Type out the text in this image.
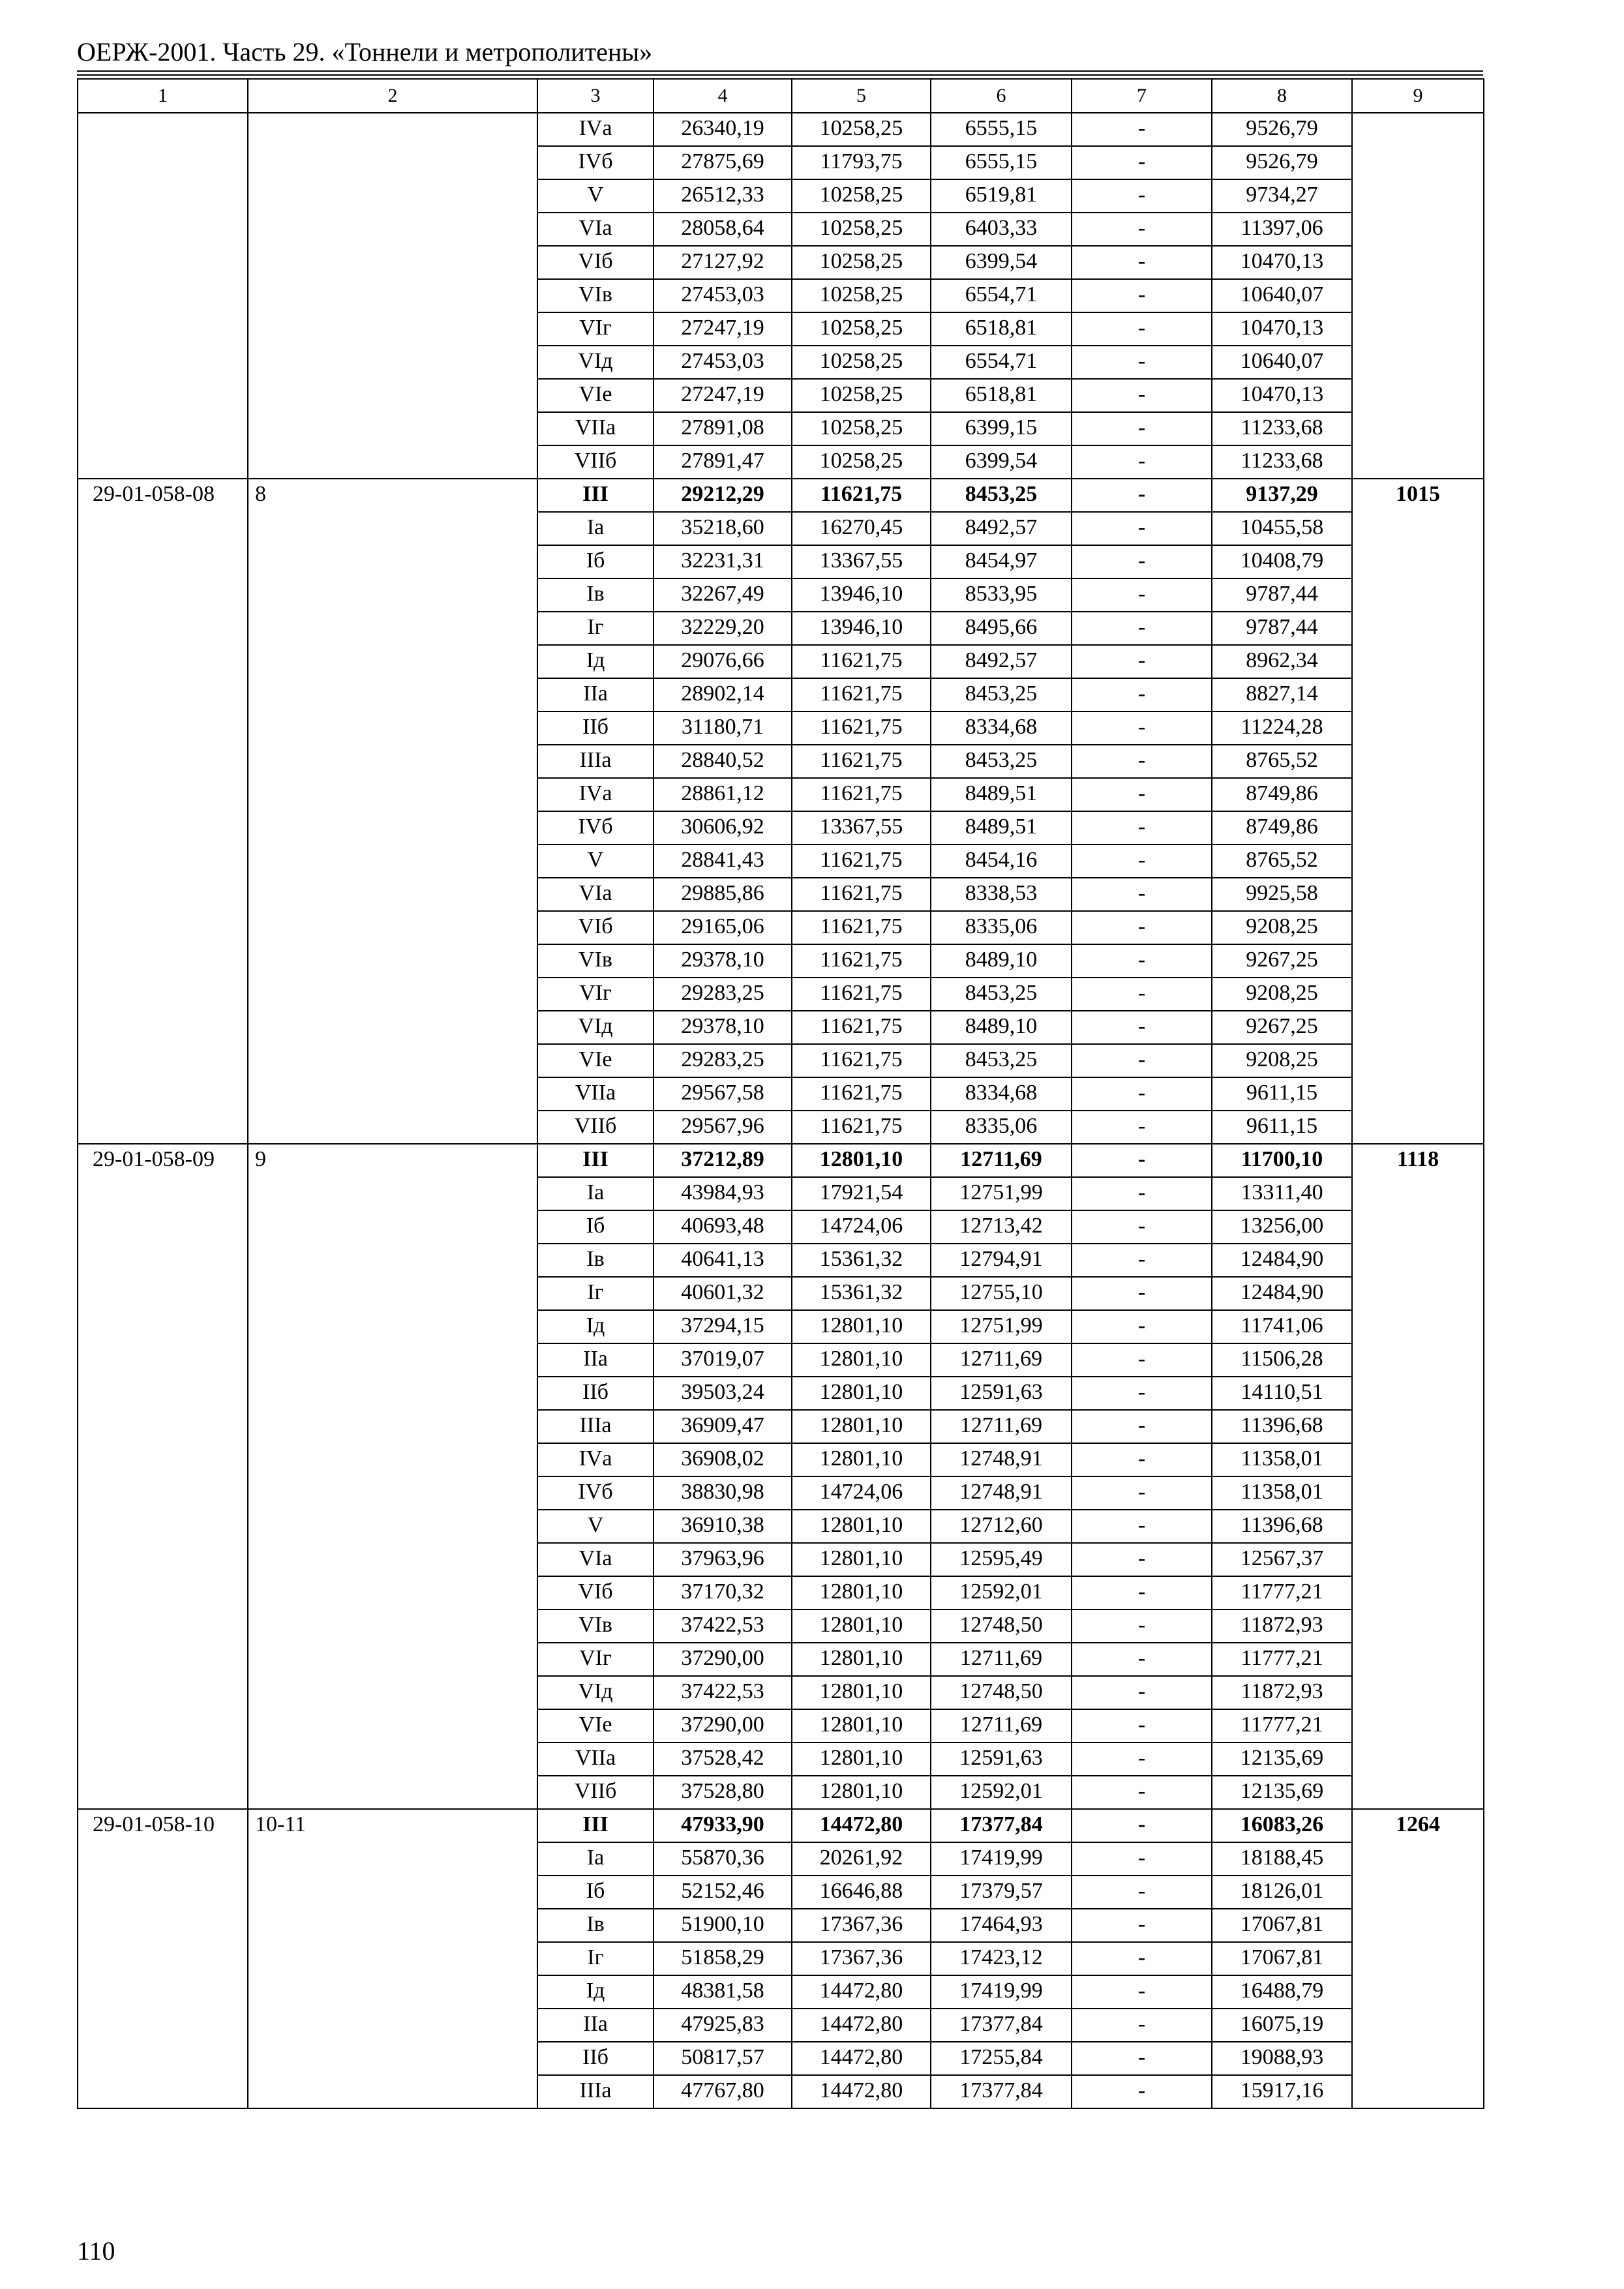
ОЕРЖ-2001. Часть 29. «Тоннели и метрополитены»
1	2	3	4	5	6	7	8	9
		IVа	26340,19	10258,25	6555,15	-	9526,79	
		IVб	27875,69	11793,75	6555,15	-	9526,79	
		V	26512,33	10258,25	6519,81	-	9734,27	
		VIа	28058,64	10258,25	6403,33	-	11397,06	
		VIб	27127,92	10258,25	6399,54	-	10470,13	
		VIв	27453,03	10258,25	6554,71	-	10640,07	
		VIг	27247,19	10258,25	6518,81	-	10470,13	
		VIд	27453,03	10258,25	6554,71	-	10640,07	
		VIе	27247,19	10258,25	6518,81	-	10470,13	
		VIIа	27891,08	10258,25	6399,15	-	11233,68	
		VIIб	27891,47	10258,25	6399,54	-	11233,68	
29-01-058-08	8	III	29212,29	11621,75	8453,25	-	9137,29	1015
		Iа	35218,60	16270,45	8492,57	-	10455,58	
		Iб	32231,31	13367,55	8454,97	-	10408,79	
		Iв	32267,49	13946,10	8533,95	-	9787,44	
		Iг	32229,20	13946,10	8495,66	-	9787,44	
		Iд	29076,66	11621,75	8492,57	-	8962,34	
		IIа	28902,14	11621,75	8453,25	-	8827,14	
		IIб	31180,71	11621,75	8334,68	-	11224,28	
		IIIа	28840,52	11621,75	8453,25	-	8765,52	
		IVа	28861,12	11621,75	8489,51	-	8749,86	
		IVб	30606,92	13367,55	8489,51	-	8749,86	
		V	28841,43	11621,75	8454,16	-	8765,52	
		VIа	29885,86	11621,75	8338,53	-	9925,58	
		VIб	29165,06	11621,75	8335,06	-	9208,25	
		VIв	29378,10	11621,75	8489,10	-	9267,25	
		VIг	29283,25	11621,75	8453,25	-	9208,25	
		VIд	29378,10	11621,75	8489,10	-	9267,25	
		VIе	29283,25	11621,75	8453,25	-	9208,25	
		VIIа	29567,58	11621,75	8334,68	-	9611,15	
		VIIб	29567,96	11621,75	8335,06	-	9611,15	
29-01-058-09	9	III	37212,89	12801,10	12711,69	-	11700,10	1118
		Iа	43984,93	17921,54	12751,99	-	13311,40	
		Iб	40693,48	14724,06	12713,42	-	13256,00	
		Iв	40641,13	15361,32	12794,91	-	12484,90	
		Iг	40601,32	15361,32	12755,10	-	12484,90	
		Iд	37294,15	12801,10	12751,99	-	11741,06	
		IIа	37019,07	12801,10	12711,69	-	11506,28	
		IIб	39503,24	12801,10	12591,63	-	14110,51	
		IIIа	36909,47	12801,10	12711,69	-	11396,68	
		IVа	36908,02	12801,10	12748,91	-	11358,01	
		IVб	38830,98	14724,06	12748,91	-	11358,01	
		V	36910,38	12801,10	12712,60	-	11396,68	
		VIа	37963,96	12801,10	12595,49	-	12567,37	
		VIб	37170,32	12801,10	12592,01	-	11777,21	
		VIв	37422,53	12801,10	12748,50	-	11872,93	
		VIг	37290,00	12801,10	12711,69	-	11777,21	
		VIд	37422,53	12801,10	12748,50	-	11872,93	
		VIе	37290,00	12801,10	12711,69	-	11777,21	
		VIIа	37528,42	12801,10	12591,63	-	12135,69	
		VIIб	37528,80	12801,10	12592,01	-	12135,69	
29-01-058-10	10-11	III	47933,90	14472,80	17377,84	-	16083,26	1264
		Iа	55870,36	20261,92	17419,99	-	18188,45	
		Iб	52152,46	16646,88	17379,57	-	18126,01	
		Iв	51900,10	17367,36	17464,93	-	17067,81	
		Iг	51858,29	17367,36	17423,12	-	17067,81	
		Iд	48381,58	14472,80	17419,99	-	16488,79	
		IIа	47925,83	14472,80	17377,84	-	16075,19	
		IIб	50817,57	14472,80	17255,84	-	19088,93	
		IIIа	47767,80	14472,80	17377,84	-	15917,16	
110
